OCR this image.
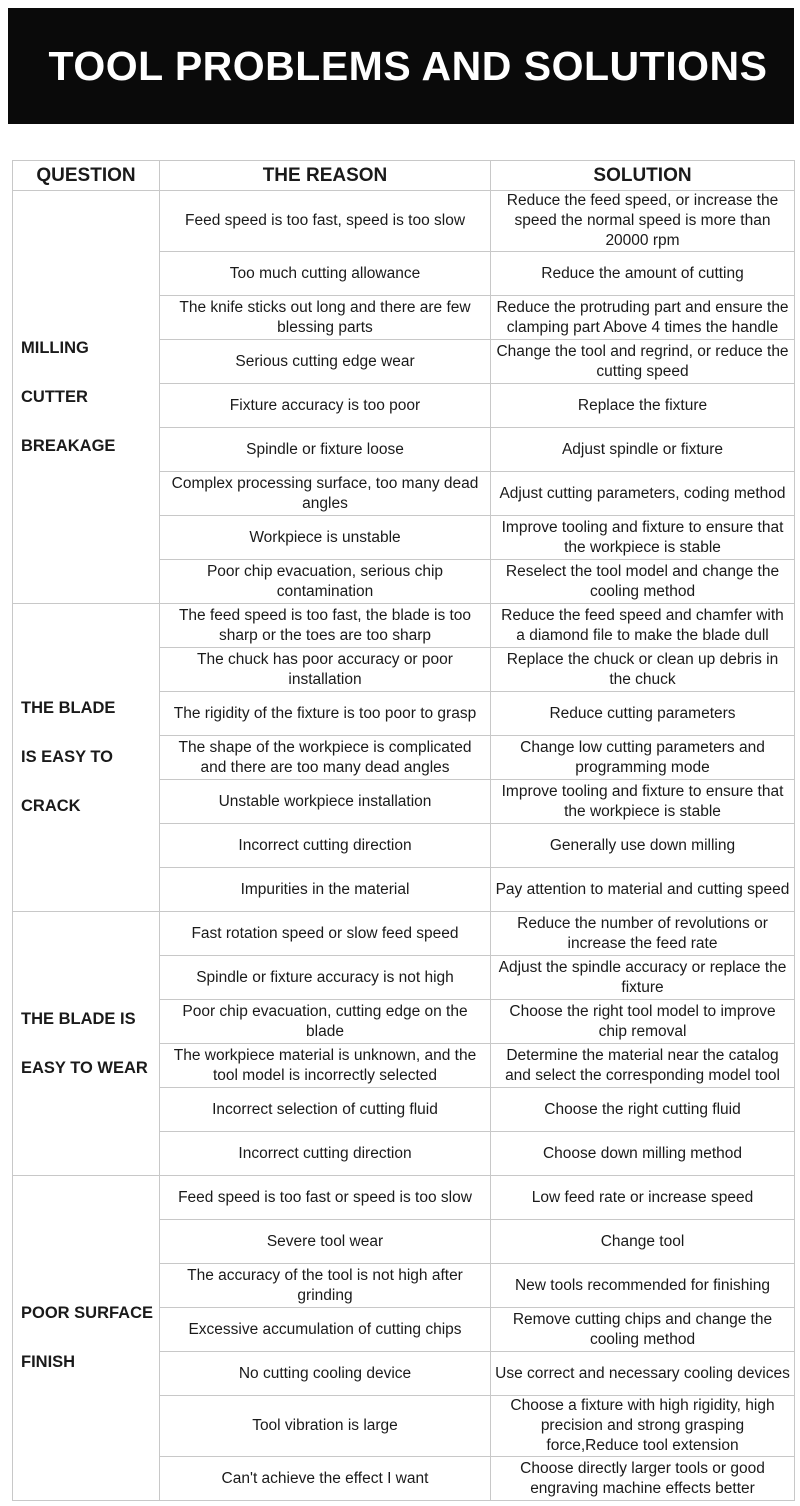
TOOL PROBLEMS AND SOLUTIONS
QUESTION	THE REASON	SOLUTION

MILLING
CUTTER
BREAKAGE	Feed speed is too fast, speed is too slow	Reduce the feed speed, or increase the speed the normal speed is more than 20000 rpm
	Too much cutting allowance	Reduce the amount of cutting
	The knife sticks out long and there are few blessing parts	Reduce the protruding part and ensure the clamping part Above 4 times the handle
	Serious cutting edge wear	Change the tool and regrind, or reduce the cutting speed
	Fixture accuracy is too poor	Replace the fixture
	Spindle or fixture loose	Adjust spindle or fixture
	Complex processing surface, too many dead angles	Adjust cutting parameters, coding method
	Workpiece is unstable	Improve tooling and fixture to ensure that the workpiece is stable
	Poor chip evacuation, serious chip contamination	Reselect the tool model and change the cooling method

THE BLADE
IS EASY TO
CRACK	The feed speed is too fast, the blade is too sharp or the toes are too sharp	Reduce the feed speed and chamfer with a diamond file to make the blade dull
	The chuck has poor accuracy or poor installation	Replace the chuck or clean up debris in the chuck
	The rigidity of the fixture is too poor to grasp	Reduce cutting parameters
	The shape of the workpiece is complicated and there are too many dead angles	Change low cutting parameters and programming mode
	Unstable workpiece installation	Improve tooling and fixture to ensure that the workpiece is stable
	Incorrect cutting direction	Generally use down milling
	Impurities in the material	Pay attention to material and cutting speed

THE BLADE IS
EASY TO WEAR	Fast rotation speed or slow feed speed	Reduce the number of revolutions or increase the feed rate
	Spindle or fixture accuracy is not high	Adjust the spindle accuracy or replace the fixture
	Poor chip evacuation, cutting edge on the blade	Choose the right tool model to improve chip removal
	The workpiece material is unknown, and the tool model is incorrectly selected	Determine the material near the catalog and select the corresponding model tool
	Incorrect selection of cutting fluid	Choose the right cutting fluid
	Incorrect cutting direction	Choose down milling method

POOR SURFACE
FINISH	Feed speed is too fast or speed is too slow	Low feed rate or increase speed
	Severe tool wear	Change tool
	The accuracy of the tool is not high after grinding	New tools recommended for finishing
	Excessive accumulation of cutting chips	Remove cutting chips and change the cooling method
	No cutting cooling device	Use correct and necessary cooling devices
	Tool vibration is large	Choose a fixture with high rigidity, high precision and strong grasping force,Reduce tool extension
	Can't achieve the effect I want	Choose directly larger tools or good engraving machine effects better
